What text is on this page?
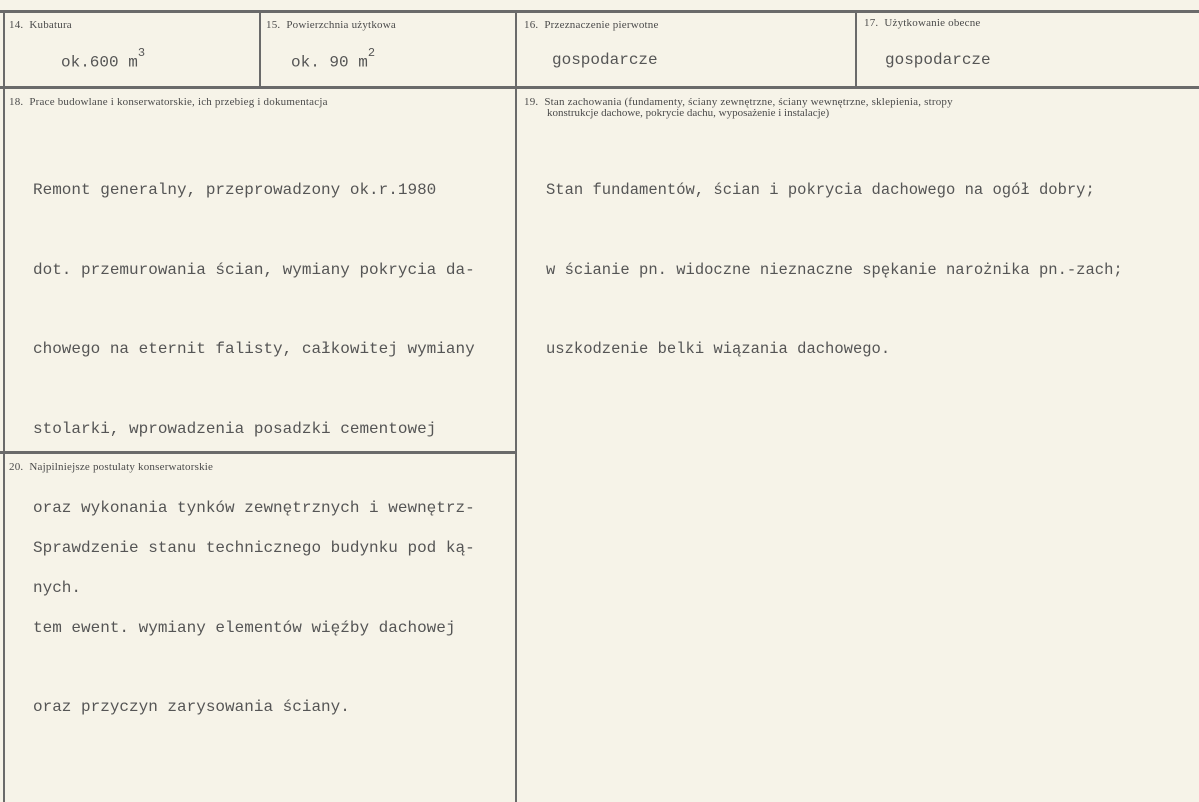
14. Kubatura
ok.600 $m^3$
15. Powierzchnia użytkowa
ok. 90 $m^2$
16. Przeznaczenie pierwotne
gospodarcze
17. Użytkowanie obecne
gospodarcze
18. Prace budowlane i konserwatorskie, ich przebieg i dokumentacja

Remont generalny, przeprowadzony ok.r.1980

dot. przemurowania ścian, wymiany pokrycia da-

chowego na eternit falisty, całkowitej wymiany

stolarki, wprowadzenia posadzki cementowej

oraz wykonania tynków zewnętrznych i wewnętrz-

nych.

19. Stan zachowania (fundamenty, ściany zewnętrzne, ściany wewnętrzne, sklepienia, stropy
konstrukcje dachowe, pokrycie dachu, wyposażenie i instalacje)

Stan fundamentów, ścian i pokrycia dachowego na ogół dobry;

w ścianie pn. widoczne nieznaczne spękanie narożnika pn.-zach;

uszkodzenie belki wiązania dachowego.

20. Najpilniejsze postulaty konserwatorskie

Sprawdzenie stanu technicznego budynku pod ką-

tem ewent. wymiany elementów więźby dachowej

oraz przyczyn zarysowania ściany.
